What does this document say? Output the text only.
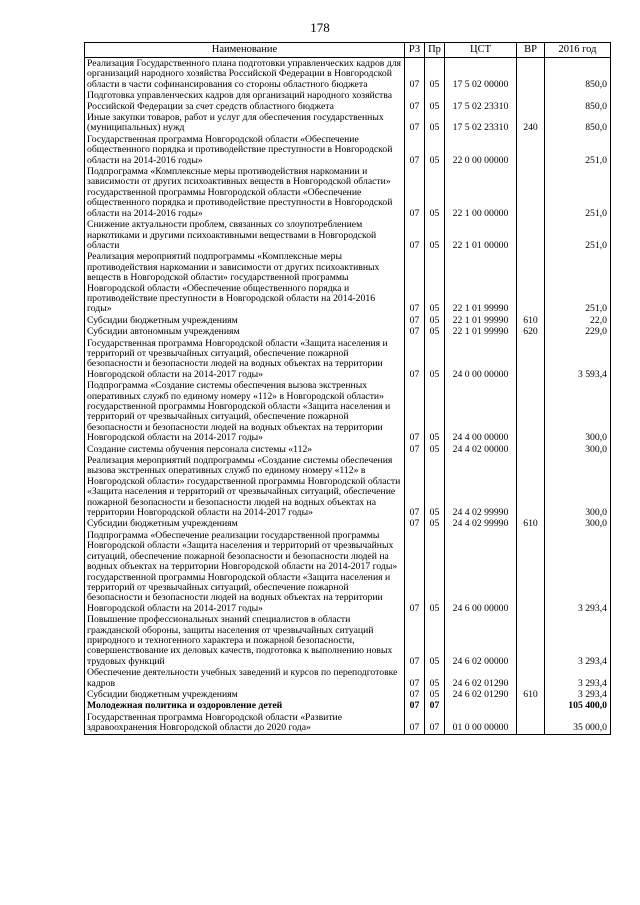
178
Наименование	РЗ	Пр	ЦСТ	ВР	2016 год
Реализация Государственного плана подготовки управленческих кадров для организаций народного хозяйства Российской Федерации в Новгородской области в части софинансирования со стороны областного бюджета	07	05	17 5 02 00000		850,0
Подготовка управленческих кадров для организаций народного хозяйства Российской Федерации за счет средств областного бюджета	07	05	17 5 02 23310		850,0
Иные закупки товаров, работ и услуг для обеспечения государственных (муниципальных) нужд	07	05	17 5 02 23310	240	850,0
Государственная программа Новгородской области «Обеспечение общественного порядка и противодействие преступности в Новгородской области на 2014-2016 годы»	07	05	22 0 00 00000		251,0
Подпрограмма «Комплексные меры противодействия наркомании и зависимости от других психоактивных веществ в Новгородской области» государственной программы Новгородской области «Обеспечение общественного порядка и противодействие преступности в Новгородской области на 2014-2016 годы»	07	05	22 1 00 00000		251,0
Снижение актуальности проблем, связанных со злоупотреблением наркотиками и другими психоактивными веществами в Новгородской области	07	05	22 1 01 00000		251,0
Реализация мероприятий подпрограммы «Комплексные меры противодействия наркомании и зависимости от других психоактивных веществ в Новгородской области» государственной программы Новгородской области «Обеспечение общественного порядка и противодействие преступности в Новгородской области на 2014-2016 годы»	07	05	22 1 01 99990		251,0
Субсидии бюджетным учреждениям	07	05	22 1 01 99990	610	22,0
Субсидии автономным учреждениям	07	05	22 1 01 99990	620	229,0
Государственная программа Новгородской области «Защита населения и территорий от чрезвычайных ситуаций, обеспечение пожарной безопасности и безопасности людей на водных объектах на территории Новгородской области на 2014-2017 годы»	07	05	24 0 00 00000		3 593,4
Подпрограмма «Создание системы обеспечения вызова экстренных оперативных служб по единому номеру «112» в Новгородской области» государственной программы Новгородской области «Защита населения и территорий от чрезвычайных ситуаций, обеспечение пожарной безопасности и безопасности людей на водных объектах на территории Новгородской области на 2014-2017 годы»	07	05	24 4 00 00000		300,0
Создание системы обучения персонала системы «112»	07	05	24 4 02 00000		300,0
Реализация мероприятий подпрограммы «Создание системы обеспечения вызова экстренных оперативных служб по единому номеру «112» в Новгородской области» государственной программы Новгородской области «Защита населения и территорий от чрезвычайных ситуаций, обеспечение пожарной безопасности и безопасности людей на водных объектах на территории Новгородской области на 2014-2017 годы»	07	05	24 4 02 99990		300,0
Субсидии бюджетным учреждениям	07	05	24 4 02 99990	610	300,0
Подпрограмма «Обеспечение реализации государственной программы Новгородской области «Защита населения и территорий от чрезвычайных ситуаций, обеспечение пожарной безопасности и безопасности людей на водных объектах на территории Новгородской области на 2014-2017 годы» государственной программы Новгородской области «Защита населения и территорий от чрезвычайных ситуаций, обеспечение пожарной безопасности и безопасности людей на водных объектах на территории Новгородской области на 2014-2017 годы»	07	05	24 6 00 00000		3 293,4
Повышение профессиональных знаний специалистов в области гражданской обороны, защиты населения от чрезвычайных ситуаций природного и техногенного характера и пожарной безопасности, совершенствование их деловых качеств, подготовка к выполнению новых трудовых функций	07	05	24 6 02 00000		3 293,4
Обеспечение деятельности учебных заведений и курсов по переподготовке кадров	07	05	24 6 02 01290		3 293,4
Субсидии бюджетным учреждениям	07	05	24 6 02 01290	610	3 293,4
Молодежная политика и оздоровление детей	07	07			105 400,0
Государственная программа Новгородской области «Развитие здравоохранения Новгородской области до 2020 года»	07	07	01 0 00 00000		35 000,0
